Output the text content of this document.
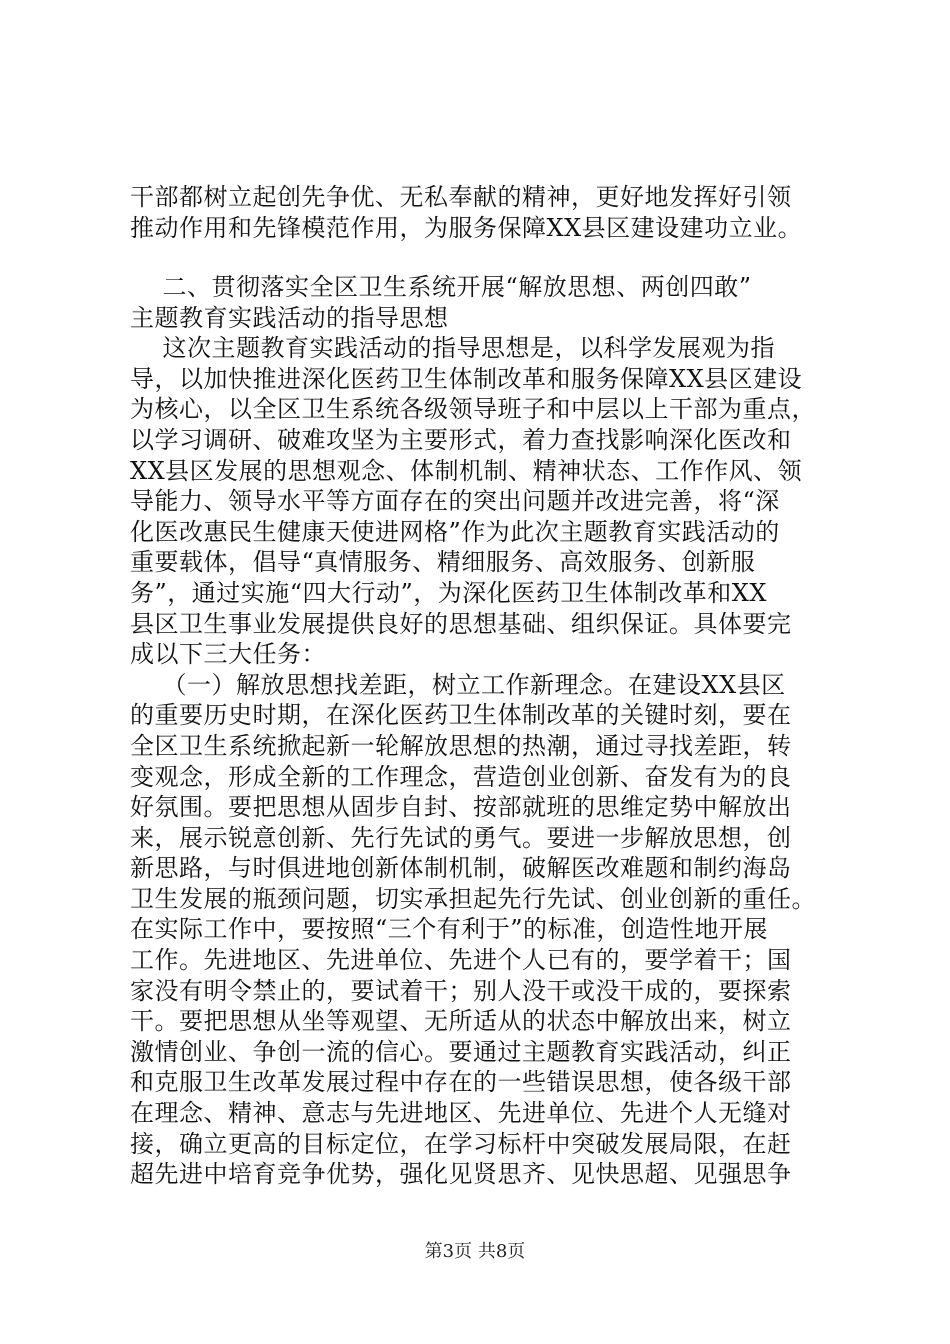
干部都树立起创先争优、无私奉献的精神，更好地发挥好引领
推动作用和先锋模范作用，为服务保障XX县区建设建功立业。
二、贯彻落实全区卫生系统开展“解放思想、两创四敢”
主题教育实践活动的指导思想
这次主题教育实践活动的指导思想是，以科学发展观为指
导，以加快推进深化医药卫生体制改革和服务保障XX县区建设
为核心，以全区卫生系统各级领导班子和中层以上干部为重点，
以学习调研、破难攻坚为主要形式，着力查找影响深化医改和
XX县区发展的思想观念、体制机制、精神状态、工作作风、领
导能力、领导水平等方面存在的突出问题并改进完善，将“深
化医改惠民生健康天使进网格”作为此次主题教育实践活动的
重要载体，倡导“真情服务、精细服务、高效服务、创新服
务”，通过实施“四大行动”，为深化医药卫生体制改革和XX
县区卫生事业发展提供良好的思想基础、组织保证。具体要完
成以下三大任务：
（一）解放思想找差距，树立工作新理念。在建设XX县区
的重要历史时期，在深化医药卫生体制改革的关键时刻，要在
全区卫生系统掀起新一轮解放思想的热潮，通过寻找差距，转
变观念，形成全新的工作理念，营造创业创新、奋发有为的良
好氛围。要把思想从固步自封、按部就班的思维定势中解放出
来，展示锐意创新、先行先试的勇气。要进一步解放思想，创
新思路，与时俱进地创新体制机制，破解医改难题和制约海岛
卫生发展的瓶颈问题，切实承担起先行先试、创业创新的重任。
在实际工作中，要按照“三个有利于”的标准，创造性地开展
工作。先进地区、先进单位、先进个人已有的，要学着干；国
家没有明令禁止的，要试着干；别人没干或没干成的，要探索
干。要把思想从坐等观望、无所适从的状态中解放出来，树立
激情创业、争创一流的信心。要通过主题教育实践活动，纠正
和克服卫生改革发展过程中存在的一些错误思想，使各级干部
在理念、精神、意志与先进地区、先进单位、先进个人无缝对
接，确立更高的目标定位，在学习标杆中突破发展局限，在赶
超先进中培育竞争优势，强化见贤思齐、见快思超、见强思争
第3页 共8页
